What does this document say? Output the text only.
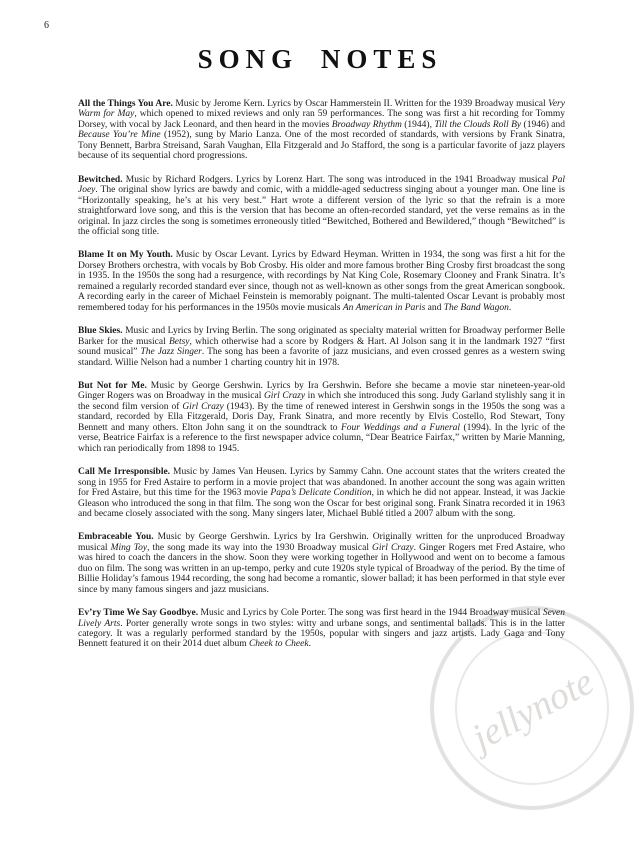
6
SONG NOTES
jellynote

All the Things You Are. Music by Jerome Kern. Lyrics by Oscar Hammerstein II. Written for the 1939 Broadway musical Very Warm for May, which opened to mixed reviews and only ran 59 performances. The song was first a hit recording for Tommy Dorsey, with vocal by Jack Leonard, and then heard in the movies Broadway Rhythm (1944), Till the Clouds Roll By (1946) and Because You’re Mine (1952), sung by Mario Lanza. One of the most recorded of standards, with versions by Frank Sinatra, Tony Bennett, Barbra Streisand, Sarah Vaughan, Ella Fitzgerald and Jo Stafford, the song is a particular favorite of jazz players because of its sequential chord progressions.

Bewitched. Music by Richard Rodgers. Lyrics by Lorenz Hart. The song was introduced in the 1941 Broadway musical Pal Joey. The original show lyrics are bawdy and comic, with a middle-aged seductress singing about a younger man. One line is “Horizontally speaking, he’s at his very best.” Hart wrote a different version of the lyric so that the refrain is a more straightforward love song, and this is the version that has become an often-recorded standard, yet the verse remains as in the original. In jazz circles the song is sometimes erroneously titled “Bewitched, Bothered and Bewildered,” though “Bewitched” is the official song title.

Blame It on My Youth. Music by Oscar Levant. Lyrics by Edward Heyman. Written in 1934, the song was first a hit for the Dorsey Brothers orchestra, with vocals by Bob Crosby. His older and more famous brother Bing Crosby first broadcast the song in 1935. In the 1950s the song had a resurgence, with recordings by Nat King Cole, Rosemary Clooney and Frank Sinatra. It’s remained a regularly recorded standard ever since, though not as well-known as other songs from the great American songbook. A recording early in the career of Michael Feinstein is memorably poignant. The multi-talented Oscar Levant is probably most remembered today for his performances in the 1950s movie musicals An American in Paris and The Band Wagon.

Blue Skies. Music and Lyrics by Irving Berlin. The song originated as specialty material written for Broadway performer Belle Barker for the musical Betsy, which otherwise had a score by Rodgers & Hart. Al Jolson sang it in the landmark 1927 “first sound musical” The Jazz Singer. The song has been a favorite of jazz musicians, and even crossed genres as a western swing standard. Willie Nelson had a number 1 charting country hit in 1978.

But Not for Me. Music by George Gershwin. Lyrics by Ira Gershwin. Before she became a movie star nineteen-year-old Ginger Rogers was on Broadway in the musical Girl Crazy in which she introduced this song. Judy Garland stylishly sang it in the second film version of Girl Crazy (1943). By the time of renewed interest in Gershwin songs in the 1950s the song was a standard, recorded by Ella Fitzgerald, Doris Day, Frank Sinatra, and more recently by Elvis Costello, Rod Stewart, Tony Bennett and many others. Elton John sang it on the soundtrack to Four Weddings and a Funeral (1994). In the lyric of the verse, Beatrice Fairfax is a reference to the first newspaper advice column, “Dear Beatrice Fairfax,” written by Marie Manning, which ran periodically from 1898 to 1945.

Call Me Irresponsible. Music by James Van Heusen. Lyrics by Sammy Cahn. One account states that the writers created the song in 1955 for Fred Astaire to perform in a movie project that was abandoned. In another account the song was again written for Fred Astaire, but this time for the 1963 movie Papa’s Delicate Condition, in which he did not appear. Instead, it was Jackie Gleason who introduced the song in that film. The song won the Oscar for best original song. Frank Sinatra recorded it in 1963 and became closely associated with the song. Many singers later, Michael Bublé titled a 2007 album with the song.

Embraceable You. Music by George Gershwin. Lyrics by Ira Gershwin. Originally written for the unproduced Broadway musical Ming Toy, the song made its way into the 1930 Broadway musical Girl Crazy. Ginger Rogers met Fred Astaire, who was hired to coach the dancers in the show. Soon they were working together in Hollywood and went on to become a famous duo on film. The song was written in an up-tempo, perky and cute 1920s style typical of Broadway of the period. By the time of Billie Holiday’s famous 1944 recording, the song had become a romantic, slower ballad; it has been performed in that style ever since by many famous singers and jazz musicians.

Ev’ry Time We Say Goodbye. Music and Lyrics by Cole Porter. The song was first heard in the 1944 Broadway musical Seven Lively Arts. Porter generally wrote songs in two styles: witty and urbane songs, and sentimental ballads. This is in the latter category. It was a regularly performed standard by the 1950s, popular with singers and jazz artists. Lady Gaga and Tony Bennett featured it on their 2014 duet album Cheek to Cheek.
